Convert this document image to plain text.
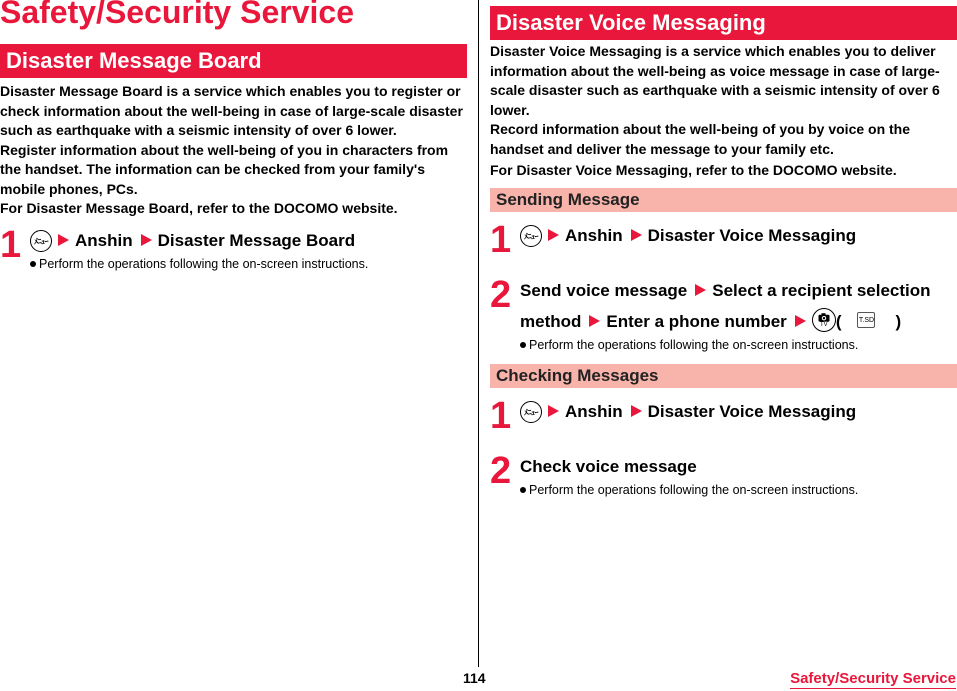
Safety/Security Service
Disaster Message Board

Disaster Message Board is a service which enables you to register or check information about the well-being in case of large-scale disaster such as earthquake with a seismic intensity of over 6 lower.

Register information about the well-being of you in characters from the handset. The information can be checked from your family's mobile phones, PCs.

For Disaster Message Board, refer to the DOCOMO website.

1	ﾒﾆｭｰ Anshin Disaster Message Board
Perform the operations following the on-screen instructions.
Disaster Voice Messaging

Disaster Voice Messaging is a service which enables you to deliver information about the well-being as voice message in case of large-scale disaster such as earthquake with a seismic intensity of over 6 lower.

Record information about the well-being of you by voice on the handset and deliver the message to your family etc.

For Disaster Voice Messaging, refer to the DOCOMO website.

Sending Message
1	ﾒﾆｭｰ Anshin Disaster Voice Messaging
2 Send voice message Select a recipient selection
method Enter a phone number	TV ( T.SD )
Perform the operations following the on-screen instructions.
Checking Messages
1	ﾒﾆｭｰ Anshin Disaster Voice Messaging
2 Check voice message
Perform the operations following the on-screen instructions.
114	Safety/Security Service
